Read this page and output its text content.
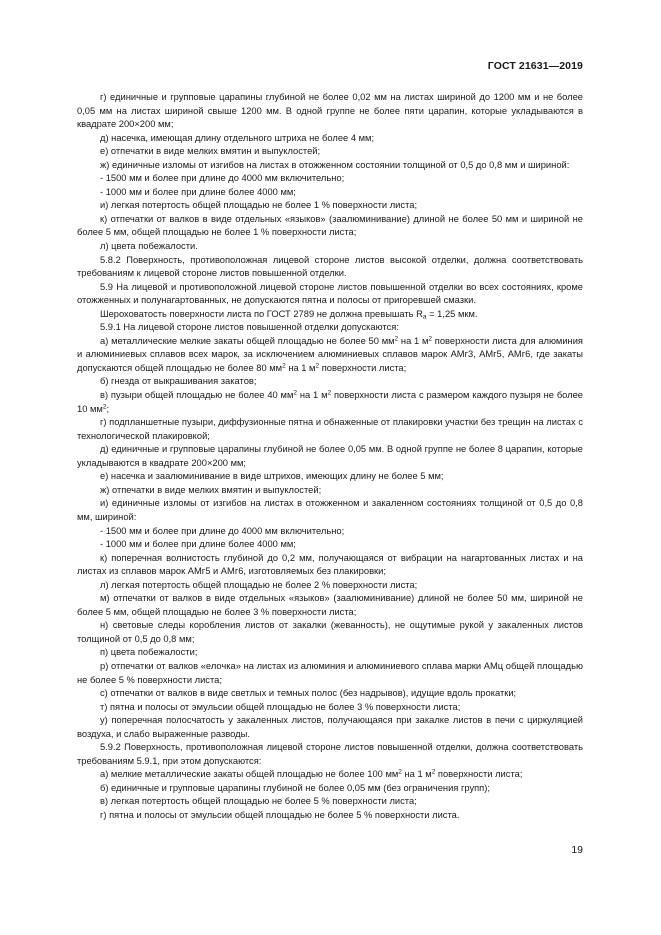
ГОСТ 21631—2019

г) единичные и групповые царапины глубиной не более 0,02 мм на листах шириной до 1200 мм и не более 0,05 мм на листах шириной свыше 1200 мм. В одной группе не более пяти царапин, которые укладываются в квадрате 200×200 мм;

д) насечка, имеющая длину отдельного штриха не более 4 мм;

е) отпечатки в виде мелких вмятин и выпуклостей;

ж) единичные изломы от изгибов на листах в отожженном состоянии толщиной от 0,5 до 0,8 мм и шириной:

- 1500 мм и более при длине до 4000 мм включительно;

- 1000 мм и более при длине более 4000 мм;

и) легкая потертость общей площадью не более 1 % поверхности листа;

к) отпечатки от валков в виде отдельных «языков» (заалюминивание) длиной не более 50 мм и шириной не более 5 мм, общей площадью не более 1 % поверхности листа;

л) цвета побежалости.

5.8.2 Поверхность, противоположная лицевой стороне листов высокой отделки, должна соответствовать требованиям к лицевой стороне листов повышенной отделки.

5.9 На лицевой и противоположной лицевой стороне листов повышенной отделки во всех состояниях, кроме отожженных и полунагартованных, не допускаются пятна и полосы от пригоревшей смазки.

Шероховатость поверхности листа по ГОСТ 2789 не должна превышать $R_a = 1,25$ мкм.

5.9.1 На лицевой стороне листов повышенной отделки допускаются:

а) металлические мелкие закаты общей площадью не более 50 $мм^2$ на 1 $м^2$ поверхности листа для алюминия и алюминиевых сплавов всех марок, за исключением алюминиевых сплавов марок АМг3, АМг5, АМг6, где закаты допускаются общей площадью не более 80 $мм^2$ на 1 $м^2$ поверхности листа;

б) гнезда от выкрашивания закатов;

в) пузыри общей площадью не более 40 $мм^2$ на 1 $м^2$ поверхности листа с размером каждого пузыря не более 10 $мм^2$;

г) подпланшетные пузыри, диффузионные пятна и обнаженные от плакировки участки без трещин на листах с технологической плакировкой;

д) единичные и групповые царапины глубиной не более 0,05 мм. В одной группе не более 8 царапин, которые укладываются в квадрате 200×200 мм;

е) насечка и заалюминивание в виде штрихов, имеющих длину не более 5 мм;

ж) отпечатки в виде мелких вмятин и выпуклостей;

и) единичные изломы от изгибов на листах в отожженном и закаленном состояниях толщиной от 0,5 до 0,8 мм, шириной:

- 1500 мм и более при длине до 4000 мм включительно;

- 1000 мм и более при длине более 4000 мм;

к) поперечная волнистость глубиной до 0,2 мм, получающаяся от вибрации на нагартованных листах и на листах из сплавов марок АМг5 и АМг6, изготовляемых без плакировки;

л) легкая потертость общей площадью не более 2 % поверхности листа;

м) отпечатки от валков в виде отдельных «языков» (заалюминивание) длиной не более 50 мм, шириной не более 5 мм, общей площадью не более 3 % поверхности листа;

н) световые следы коробления листов от закалки (жеванность), не ощутимые рукой у закаленных листов толщиной от 0,5 до 0,8 мм;

п) цвета побежалости;

р) отпечатки от валков «елочка» на листах из алюминия и алюминиевого сплава марки АМц общей площадью не более 5 % поверхности листа;

с) отпечатки от валков в виде светлых и темных полос (без надрывов), идущие вдоль прокатки;

т) пятна и полосы от эмульсии общей площадью не более 3 % поверхности листа;

у) поперечная полосчатость у закаленных листов, получающаяся при закалке листов в печи с циркуляцией воздуха, и слабо выраженные разводы.

5.9.2 Поверхность, противоположная лицевой стороне листов повышенной отделки, должна соответствовать требованиям 5.9.1, при этом допускаются:

а) мелкие металлические закаты общей площадью не более 100 $мм^2$ на 1 $м^2$ поверхности листа;

б) единичные и групповые царапины глубиной не более 0,05 мм (без ограничения групп);

в) легкая потертость общей площадью не более 5 % поверхности листа;

г) пятна и полосы от эмульсии общей площадью не более 5 % поверхности листа.

19
